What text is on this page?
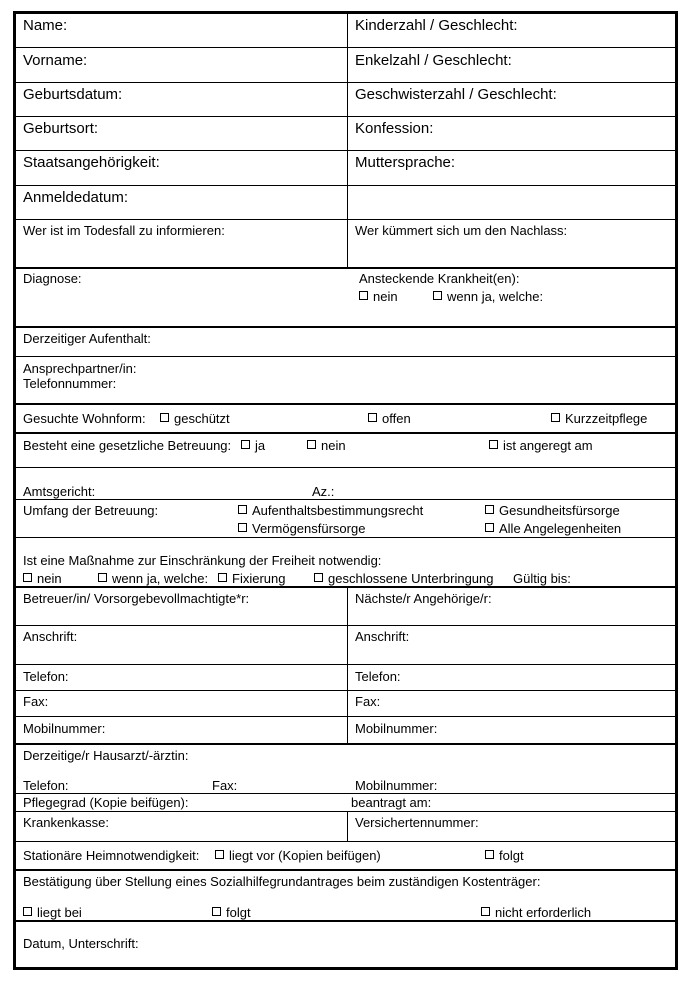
Name:	Kinderzahl / Geschlecht:
Vorname:	Enkelzahl / Geschlecht:
Geburtsdatum:	Geschwisterzahl / Geschlecht:
Geburtsort:	Konfession:
Staatsangehörigkeit:	Muttersprache:
Anmeldedatum:
Wer ist im Todesfall zu informieren:	Wer kümmert sich um den Nachlass:
Diagnose:	Ansteckende Krankheit(en):
nein	wenn ja, welche:
Derzeitiger Aufenthalt:
Ansprechpartner/in:
Telefonnummer:
Gesuchte Wohnform:	geschützt	offen	Kurzzeitpflege
Besteht eine gesetzliche Betreuung:	ja	nein	ist angeregt am
Amtsgericht:	Az.:
Umfang der Betreuung:	Aufenthaltsbestimmungsrecht	Gesundheitsfürsorge
Vermögensfürsorge	Alle Angelegenheiten
Ist eine Maßnahme zur Einschränkung der Freiheit notwendig:
nein	wenn ja, welche:	Fixierung	geschlossene Unterbringung Gültig bis:
Betreuer/in/ Vorsorgebevollmachtigte*r:	Nächste/r Angehörige/r:
Anschrift:	Anschrift:
Telefon:	Telefon:
Fax:	Fax:
Mobilnummer:	Mobilnummer:
Derzeitige/r Hausarzt/-ärztin:
Telefon:	Fax:	Mobilnummer:
Pflegegrad (Kopie beifügen):	beantragt am:
Krankenkasse:	Versichertennummer:
Stationäre Heimnotwendigkeit:	liegt vor (Kopien beifügen)	folgt
Bestätigung über Stellung eines Sozialhilfegrundantrages beim zuständigen Kostenträger:
liegt bei	folgt	nicht erforderlich
Datum, Unterschrift:
